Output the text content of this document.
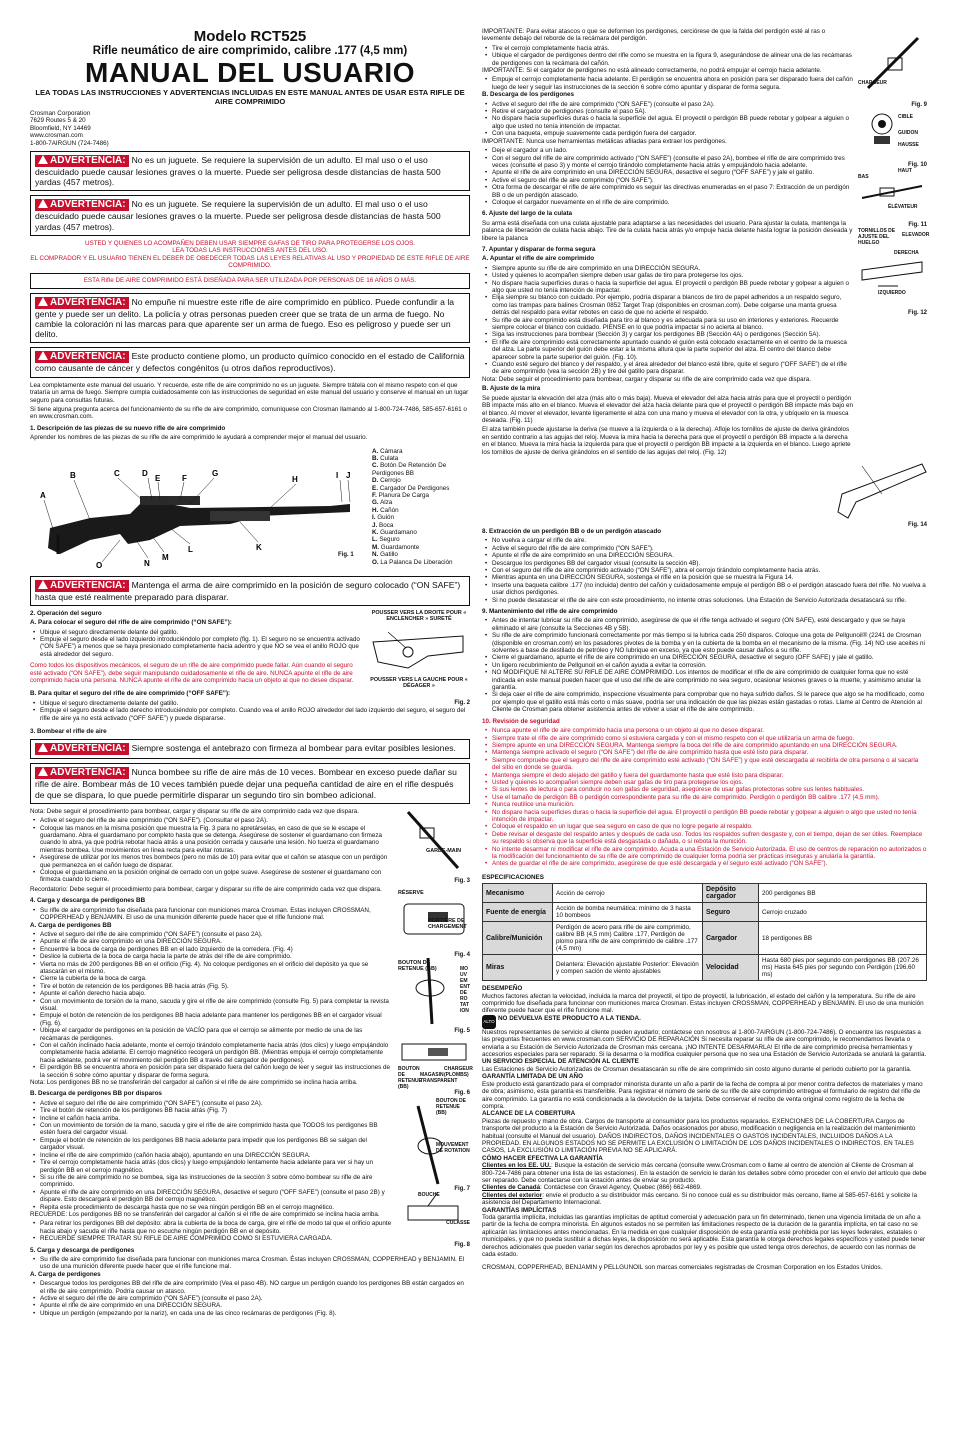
Modelo RCT525
Rifle neumático de aire comprimido, calibre .177 (4,5 mm)
MANUAL DEL USUARIO
LEA TODAS LAS INSTRUCCIONES Y ADVERTENCIAS INCLUIDAS EN ESTE MANUAL ANTES DE USAR ESTA RIFLE DE AIRE COMPRIMIDO
Crosman Corporation
7629 Routes 5 & 20
Bloomfield, NY 14469
www.crosman.com
1-800-7AIRGUN (724-7486)
ADVERTENCIA: No es un juguete. Se requiere la supervisión de un adulto. El mal uso o el uso descuidado puede causar lesiones graves o la muerte. Puede ser peligrosa desde distancias de hasta 500 yardas (457 metros).
ADVERTENCIA: No es un juguete. Se requiere la supervisión de un adulto. El mal uso o el uso descuidado puede causar lesiones graves o la muerte. Puede ser peligrosa desde distancias de hasta 500 yardas (457 metros).
USTED Y QUIENES LO ACOMPAÑEN DEBEN USAR SIEMPRE GAFAS DE TIRO PARA PROTEGERSE LOS OJOS.
LEA TODAS LAS INSTRUCCIONES ANTES DEL USO.
EL COMPRADOR Y EL USUARIO TIENEN EL DEBER DE OBEDECER TODAS LAS LEYES RELATIVAS AL USO Y PROPIEDAD DE ESTE RIFLE DE AIRE COMPRIMIDO.
ESTA Rifle DE AIRE COMPRIMIDO ESTÁ DISEÑADA PARA SER UTILIZADA POR PERSONAS DE 16 AÑOS O MÁS.
ADVERTENCIA: No empuñe ni muestre este rifle de aire comprimido en público. Puede confundir a la gente y puede ser un delito. La policía y otras personas pueden creer que se trata de un arma de fuego. No cambie la coloración ni las marcas para que aparente ser un arma de fuego. Eso es peligroso y puede ser un delito.
ADVERTENCIA: Este producto contiene plomo, un producto químico conocido en el estado de California como causante de cáncer y defectos congénitos (u otros daños reproductivos).

Lea completamente este manual del usuario. Y recuerde, este rifle de aire comprimido no es un juguete. Siempre trátela con el mismo respeto con el que trataría un arma de fuego. Siempre cumpla cuidadosamente con las instrucciones de seguridad en este manual del usuario y conserve el manual en un lugar seguro para consultas futuras.

Si tiene alguna pregunta acerca del funcionamiento de su rifle de aire comprimido, comuníquese con Crosman llamando al 1-800-724-7486, 585-657-6161 o en www.crosman.com.

1. Descripción de las piezas de su nuevo rifle de aire comprimido

Aprender los nombres de las piezas de su rifle de aire comprimido le ayudará a comprender mejor el manual del usuario.

A
B	C	D
E	F
G
H	I J
K
L
M
N
O
Fig. 1
A. Cámara
B. Culata
C. Botón De Retención De Perdigones BB
D. Cerrojo
E. Cargador De Perdigones
F. Planura De Carga
G. Alza
H. Cañón
I. Guión
J. Boca
K. Guardamano
L. Seguro
M. Guardamonte
N. Gatillo
O. La Palanca De Liberación
ADVERTENCIA: Mantenga el arma de aire comprimido en la posición de seguro colocado (“ON SAFE”) hasta que esté realmente preparado para disparar.

2. Operación del seguro

A. Para colocar el seguro del rifle de aire comprimido (“ON SAFE”):

• Ubique el seguro directamente delante del gatillo.
• Empuje el seguro desde el lado izquierdo introduciéndolo por completo (fig. 1). El seguro no se encuentra activado (“ON SAFE”) a menos que se haya presionado completamente hacia adentro y que NO se vea el anillo ROJO que está alrededor del seguro.

Como todos los dispositivos mecánicos, el seguro de un rifle de aire comprimido puede fallar. Aún cuando el seguro esté activado (“ON SAFE”), debe seguir manipulando cuidadosamente el rifle de aire. NUNCA apunte el rifle de aire comprimido hacia una persona. NUNCA apunte el rifle de aire comprimido hacia un objeto al que no desee disparar.

B. Para quitar el seguro del rifle de aire comprimido (“OFF SAFE”):

POUSSER VERS LA DROITE POUR « ENCLENCHER » SURETÉ
POUSSER VERS LA GAUCHE POUR « DÉGAGER »
Fig. 2
• Ubique el seguro directamente delante del gatillo.
• Empuje el seguro desde el lado derecho introduciéndolo por completo. Cuando vea el anillo ROJO alrededor del lado izquierdo del seguro, el seguro del rifle de aire ya no está activado (“OFF SAFE”) y puede dispararse.

3. Bombear el rifle de aire

ADVERTENCIA: Siempre sostenga el antebrazo con firmeza al bombear para evitar posibles lesiones.
ADVERTENCIA: Nunca bombee su rifle de aire más de 10 veces. Bombear en exceso puede dañar su rifle de aire. Bombear más de 10 veces también puede dejar una pequeña cantidad de aire en el rifle después de que se dispara, lo que puede permitirle disparar un segundo tiro sin bombeo adicional.

Nota: Debe seguir el procedimiento para bombear, cargar y disparar su rifle de aire comprimido cada vez que dispara.

• Active el seguro del rifle de aire comprimido (“ON SAFE”). (Consultar el paso 2A).
• Coloque las manos en la misma posición que muestra la Fig. 3 para no apretárselas, en caso de que se le escape el guardamano. Abra el guardamano por completo hasta que se detenga. Asegúrese de sostener el guardamano con firmeza cuando lo abra, ya que podría rebotar hacia atrás a una posición cerrada y causarle una lesión. No tuerza el guardamano mientras bombea. Use movimientos en línea recta para evitar roturas.
• Asegúrese de utilizar por los menos tres bombeos (pero no más de 10) para evitar que el cañón se atasque con un perdigón que permanezca en el cañón luego de disparar.
• Coloque el guardamano en la posición original de cerrado con un golpe suave. Asegúrese de sostener el guardamano con firmeza cuando lo cierre.

Recordatorio: Debe seguir el procedimiento para bombear, cargar y disparar su rifle de aire comprimido cada vez que dispara.

4. Carga y descarga de perdigones BB

• Su rifle de aire comprimido fue diseñada para funcionar con municiones marca Crosman. Estas incluyen CROSSMAN, COPPERHEAD y BENJAMIN. El uso de una munición diferente puede hacer que el rifle funcione mal.

A. Carga de perdigones BB

• Active el seguro del rifle de aire comprimido (“ON SAFE”) (consulte el paso 2A).
• Apunte el rifle de aire comprimido en una DIRECCIÓN SEGURA.
• Encuentre la boca de carga de perdigones BB en el lado izquierdo de la corredera. (Fig. 4)
• Deslice la cubierta de la boca de carga hacia la parte de atrás del rifle de aire comprimido.
• Vierta no más de 200 perdigones BB en el orificio (Fig. 4). No coloque perdigones en el orificio del depósito ya que se atascarán en el mismo.
• Cierre la cubierta de la boca de carga.
• Tire el botón de retención de los perdigones BB hacia atrás (Fig. 5).
• Apunte el cañón derecho hacia abajo.
• Con un movimiento de torsión de la mano, sacuda y gire el rifle de aire comprimido (consulte Fig. 5) para completar la revista visual.
• Empuje el botón de retención de los perdigones BB hacia adelante para mantener los perdigones BB en el cargador visual (Fig. 6).
• Ubique el cargador de perdigones en la posición de VACÍO para que el cerrojo se alimente por medio de una de las recámaras de perdigones.
• Con el cañón inclinado hacia adelante, monte el cerrojo tirándolo completamente hacia atrás (dos clics) y luego empujándolo completamente hacia adelante. El cerrojo magnético recogerá un perdigón BB. (Mientras empuja el cerrojo completamente hacia adelante, podrá ver el movimiento del perdigón BB a través del cargador de perdigones).
• El perdigón BB se encuentra ahora en posición para ser disparado fuera del cañón luego de leer y seguir las instrucciones de la sección 6 sobre cómo apuntar y disparar de forma segura.

Nota: Los perdigones BB no se transferirán del cargador al cañón si el rifle de aire comprimido se inclina hacia arriba.

B. Descarga de perdigones BB por disparos

• Active el seguro del rifle de aire comprimido (“ON SAFE”) (consulte el paso 2A).
• Tire el botón de retención de los perdigones BB hacia atrás (Fig. 7)
• Incline el cañón hacia arriba.
• Con un movimiento de torsión de la mano, sacuda y gire el rifle de aire comprimido hasta que TODOS los perdigones BB estén fuera del cargador visual.
• Empuje el botón de retención de los perdigones BB hacia adelante para impedir que los perdigones BB se salgan del cargador visual.
• Incline el rifle de aire comprimido (cañón hacia abajo), apuntando en una DIRECCIÓN SEGURA.
• Tire el cerrojo completamente hacia atrás (dos clics) y luego empujándolo lentamente hacia adelante para ver si hay un perdigón BB en el cerrojo magnético.
• Si su rifle de aire comprimido no se bombea, siga las instrucciones de la sección 3 sobre cómo bombear su rifle de aire comprimido.
• Apunte el rifle de aire comprimido en una DIRECCIÓN SEGURA, desactive el seguro (“OFF SAFE”) (consulte el paso 2B) y dispare. Esto descargará el perdigón BB del cerrojo magnético.
• Repita este procedimiento de descarga hasta que no se vea ningún perdigón BB en el cerrojo magnético.

RECUERDE: Los perdigones BB no se transferirán del cargador al cañón si el rifle de aire comprimido se inclina hacia arriba.

• Para retirar los perdigones BB del depósito: abra la cubierta de la boca de carga, gire el rifle de modo tal que el orificio apunte hacia abajo y sacuda el rifle hasta que no escuche ningún perdigón BB en el depósito.
• RECUERDE SIEMPRE TRATAR SU RIFLE DE AIRE COMPRIMIDO COMO SI ESTUVIERA CARGADA.
GARDE-MAIN
Fig. 3
RÉSERVE
PORTIÈRE DE CHARGEMENT
Fig. 4
BOUTON DE RETENUE (BB)	MOUVEMENT DE ROTATION
Fig. 5
BOUTON DE RETENUE (BB)
MAGASIN TRANSPARENT
CHARGEUR (PLOMBS)
Fig. 6
BOUTON DE RETENUE (BB)
MOUVEMENT DE ROTATION
Fig. 7
BOUCHE
CULASSE
Fig. 8

5. Carga y descarga de perdigones

• Su rifle de aire comprimido fue diseñada para funcionar con municiones marca Crosman. Éstas incluyen CROSSMAN, COPPERHEAD y BENJAMIN. El uso de una munición diferente puede hacer que el rifle funcione mal.

A. Carga de perdigones

• Descargue todos los perdigones BB del rifle de aire comprimido (Vea el paso 4B). NO cargue un perdigón cuando los perdigones BB están cargados en el rifle de aire comprimido. Podría causar un atasco.
• Active el seguro del rifle de aire comprimido (“ON SAFE”) (consulte el paso 2A).
• Apunte el rifle de aire comprimido en una DIRECCIÓN SEGURA.
• Ubique un perdigón (empezando por la nariz), en cada una de las cinco recámaras de perdigones (Fig. 8).

IMPORTANTE: Para evitar atascos o que se deformen los perdigones, cerciórese de que la falda del perdigón esté al ras o levemente debajo del reborde de la recámara del perdigón.

• Tire el cerrojo completamente hacia atrás.
• Ubique el cargador de perdigones dentro del rifle como se muestra en la figura 9, asegurándose de alinear una de las recámaras de perdigones con la recámara del cañón.

IMPORTANTE: Si el cargador de perdigones no está alineado correctamente, no podrá empujar el cerrojo hacia adelante.

• Empuje el cerrojo completamente hacia adelante. El perdigón se encuentra ahora en posición para ser disparado fuera del cañón luego de leer y seguir las instrucciones de la sección 6 sobre cómo apuntar y disparar de forma segura.

B. Descarga de los perdigones

• Active el seguro del rifle de aire comprimido (“ON SAFE”) (consulte el paso 2A).
• Retire el cargador de perdigones (consulte el paso 5A).
• No dispare hacia superficies duras o hacia la superficie del agua. El proyectil o perdigón BB puede rebotar y golpear a alguien o algo que usted no tenía intención de impactar.
• Con una baqueta, empuje suavemente cada perdigón fuera del cargador.

IMPORTANTE: Nunca use herramientas metálicas afiladas para extraer los perdigones.

• Deje el cargador a un lado.
• Con el seguro del rifle de aire comprimido activado (“ON SAFE”) (consulte el paso 2A), bombee el rifle de aire comprimido tres veces (consulte el paso 3) y monte el cerrojo tirándolo completamente hacia atrás y empujándolo hacia adelante.
• Apunte el rifle de aire comprimido en una DIRECCIÓN SEGURA, desactive el seguro (“OFF SAFE”) y jale el gatillo.
• Active el seguro del rifle de aire comprimido (“ON SAFE”).
• Otra forma de descargar el rifle de aire comprimido es seguir las directivas enumeradas en el paso 7: Extracción de un perdigón BB o de un perdigón atascado.
• Coloque el cargador nuevamente en el rifle de aire comprimido.

6. Ajuste del largo de la culata

Su arma está diseñada con una culata ajustable para adaptarse a las necesidades del usuario. Para ajustar la culata, mantenga la palanca de liberación de culata hacia abajo. Tire de la culata hacia atrás y/o empuje hacia delante hasta lograr la posición deseada y libere la palanca

7. Apuntar y disparar de forma segura

A. Apuntar el rifle de aire comprimido

• Siempre apunte su rifle de aire comprimido en una DIRECCIÓN SEGURA.
• Usted y quienes lo acompañen siempre deben usar gafas de tiro para protegerse los ojos.
• No dispare hacia superficies duras o hacia la superficie del agua. El proyectil o perdigón BB puede rebotar y golpear a alguien o algo que usted no tenía intención de impactar.
• Elija siempre su blanco con cuidado. Por ejemplo, podría disparar a blancos de tiro de papel adheridos a un respaldo seguro, como las trampas para balines Crosman 0852 Target Trap (disponibles en crosman.com). Debe colgarse una manta gruesa detrás del respaldo para evitar rebotes en caso de que no acierte el respaldo.
• Su rifle de aire comprimido está diseñada para tiro al blanco y es adecuada para su uso en interiores y exteriores. Recuerde siempre colocar el blanco con cuidado. PIENSE en lo que podría impactar si no acierta al blanco.
• Siga las instrucciones para bombear (Sección 3) y cargar los perdigones BB (Sección 4A) o perdigones (Sección 5A).
• El rifle de aire comprimido está correctamente apuntado cuando el guión está colocado exactamente en el centro de la muesca del alza. La parte superior del guión debe estar a la misma altura que la parte superior del alza. El centro del blanco debe aparecer sobre la parte superior del guión. (Fig. 10).
• Cuando esté seguro del blanco y del respaldo, y el área alrededor del blanco esté libre, quite el seguro (“OFF SAFE”) de el rifle de aire comprimido (vea la sección 2B) y tire del gatillo para disparar.

Nota: Debe seguir el procedimiento para bombear, cargar y disparar su rifle de aire comprimido cada vez que dispara.

B. Ajuste de la mira

Se puede ajustar la elevación del alza (más alto o más baja). Mueva el elevador del alza hacia atrás para que el proyectil o perdigón BB impacte más alto en el blanco. Mueva el elevador del alza hacia delante para que el proyectil o perdigón BB impacte más bajo en el blanco. Al mover el elevador, levante ligeramente el alza con una mano y mueva el elevador con la otra, y ubíquelo en la muesca deseada. (Fig. 11)

El alza también puede ajustarse la deriva (se mueve a la izquierda o a la derecha). Afloje los tornillos de ajuste de deriva girándolos en sentido contrario a las agujas del reloj. Mueva la mira hacia la derecha para que el proyectil o perdigón BB impacte a la derecha en el blanco. Mueva la mira hacia la izquierda para que el proyectil o perdigón BB impacte a la izquierda en el blanco. Luego apriete los tornillos de ajuste de deriva girándolos en el sentido de las agujas del reloj. (Fig. 12)

CHARGEUR
Fig. 9
CIBLE
GUIDON
HAUSSE
Fig. 10
BAS
HAUT
ÉLÉVATEUR
Fig. 11
TORNILLOS DE AJUSTE DEL HUELGO
ELEVADOR
DERECHA
IZQUIERDO
Fig. 12
Fig. 14

8. Extracción de un perdigón BB o de un perdigón atascado

• No vuelva a cargar el rifle de aire.
• Active el seguro del rifle de aire comprimido (“ON SAFE”).
• Apunte el rifle de aire comprimido en una DIRECCIÓN SEGURA.
• Descargue los perdigones BB del cargador visual (consulte la sección 4B).
• Con el seguro del rifle de aire comprimido activado (“ON SAFE”), abra el cerrojo tirándolo completamente hacia atrás.
• Mientras apunta en una DIRECCIÓN SEGURA, sostenga el rifle en la posición que se muestra la Figura 14.
• Inserte una baqueta calibre .177 (no incluida) dentro del cañón y cuidadosamente empuje el perdigón BB o el perdigón atascado fuera del rifle. No vuelva a usar dichos perdigones.
• Si no puede desatascar el rifle de aire con este procedimiento, no intente otras soluciones. Una Estación de Servicio Autorizada desatascará su rifle.

9. Mantenimiento del rifle de aire comprimido

• Antes de intentar lubricar su rifle de aire comprimido, asegúrese de que el rifle tenga activado el seguro (ON SAFE), esté descargado y que se haya eliminado el aire (consulte la Secciones 4B y 5B).
• Su rifle de aire comprimido funcionará correctamente por más tiempo si la lubrica cada 250 disparos. Coloque una gota de Pellgunoil® (2241 de Crosman (disponible en crosman.com) en los pasadores pivotes de la bomba y en la cubierta de la bomba en el mecanismo de la misma. (Fig. 14) NO use aceites ni solventes a base de destilado de petróleo y NO lubrique en exceso, ya que esto puede causar daños a su rifle.
• Cierre el guardamano, apunte el rifle de aire comprimido en una DIRECCIÓN SEGURA, desactive el seguro (OFF SAFE) y jale el gatillo.
• Un ligero recubrimiento de Pellgunoil en el cañón ayuda a evitar la corrosión.
• NO MODIFIQUE NI ALTERE SU RIFLE DE AIRE COMPRIMIDO. Los intentos de modificar el rifle de aire comprimido de cualquier forma que no esté indicada en este manual pueden hacer que el uso del rifle de aire comprimido no sea seguro, ocasionar lesiones graves o la muerte, y asimismo anular la garantía.
• Si deja caer el rifle de aire comprimido, inspeccione visualmente para comprobar que no haya sufrido daños. Si le parece que algo se ha modificado, como por ejemplo que el gatillo está más corto o más suave, podría ser una indicación de que las piezas están gastadas o rotas. Llame al Centro de Atención al Cliente de Crosman para obtener asistencia antes de volver a usar el rifle de aire comprimido.

10. Revisión de seguridad

• Nunca apunte el rifle de aire comprimido hacia una persona o un objeto al que no desee disparar.
• Siempre trate el rifle de aire comprimido como si estuviera cargada y con el mismo respeto con el que utilizaría un arma de fuego.
• Siempre apunte en una DIRECCIÓN SEGURA. Mantenga siempre la boca del rifle de aire comprimido apuntando en una DIRECCIÓN SEGURA.
• Mantenga siempre activado el seguro (“ON SAFE”) del rifle de aire comprimido hasta que esté listo para disparar.
• Siempre compruebe que el seguro del rifle de aire comprimido esté activado (“ON SAFE”) y que esté descargada al recibirla de otra persona o al sacarla del sitio en donde se guarda.
• Mantenga siempre el dedo alejado del gatillo y fuera del guardamonte hasta que esté listo para disparar.
• Usted y quienes lo acompañen siempre deben usar gafas de tiro para protegerse los ojos.
• Si sus lentes de lectura o para conducir no son gafas de seguridad, asegúrese de usar gafas protectoras sobre sus lentes habituales.
• Use el tamaño de perdigón BB o perdigón correspondiente para su rifle de aire comprimido. Perdigón o perdigón BB calibre .177 (4,5 mm).
• Nunca reutilice una munición.
• No dispare hacia superficies duras o hacia la superficie del agua. El proyectil o perdigón BB puede rebotar y golpear a alguien o algo que usted no tenía intención de impactar.
• Coloque el respaldo en un lugar que sea seguro en caso de que no logre pegarle al respaldo.
• Debe revisar el desgaste del respaldo antes y después de cada uso. Todos los respaldos sufren desgaste y, con el tiempo, dejan de ser útiles. Reemplace su respaldo si observa que la superficie está desgastada o dañada, o si rebota la munición.
• No intente desarmar ni modificar el rifle de aire comprimido. Acuda a una Estación de Servicio Autorizada. El uso de centros de reparación no autorizados o la modificación del funcionamiento de su rifle de aire comprimido de cualquier forma podría ser prácticas inseguras y anularía la garantía.
• Antes de guardar el rifle de aire comprimido, asegúrese de que esté descargada y el seguro esté activado (“ON SAFE”).

ESPECIFICACIONES

Mecanismo	Acción de cerrojo	Depósito cargador	200 perdigones BB
Fuente de energía	Acción de bomba neumática: mínimo de 3 hasta 10 bombeos	Seguro	Cerrojo cruzado
Calibre/Munición	Perdigón de acero para rifle de aire comprimido, calibre BB (4,5 mm) Calibre .177, Perdigón de plomo para rifle de aire comprimido de calibre .177 (4,5 mm)	Cargador	18 perdigones BB
Miras	Delantera: Elevación ajustable Posterior: Elevación y compen sación de viento ajustables	Velocidad	Hasta 680 pies por segundo con perdigones BB (207.26 ms) Hasta 645 pies por segundo con Perdigón (196.60 ms)

DESEMPEÑO

Muchos factores afectan la velocidad, incluida la marca del proyectil, el tipo de proyectil, la lubricación, el estado del cañón y la temperatura. Su rifle de aire comprimido fue diseñada para funcionar con municiones marca Crosman. Estas incluyen CROSSMAN, COPPERHEAD y BENJAMIN. El uso de una munición diferente puede hacer que el rifle funcione mal.

ALTO NO DEVUELVA ESTE PRODUCTO A LA TIENDA.

Nuestros representantes de servicio al cliente pueden ayudarlo; contáctese con nosotros al 1-800-7AIRGUN (1-800-724-7486). O encuentre las respuestas a las preguntas frecuentes en www.crosman.com SERVICIO DE REPARACIÓN Si necesita reparar su rifle de aire comprimido, le recomendamos llevarla o enviarla a su Estación de Servicio Autorizada de Crosman más cercana. ¡NO INTENTE DESARMARLA! El rifle de aire comprimido precisa herramientas y accesorios especiales para ser reparado. Si la desarma o la modifica cualquier persona que no sea una Estación de Servicio Autorizada se anulará la garantía.

UN SERVICIO ESPECIAL DE ATENCIÓN AL CLIENTE

Las Estaciones de Servicio Autorizadas de Crosman desatascarán su rifle de aire comprimido sin costo alguno durante el periodo cubierto por la garantía.

GARANTÍA LIMITADA DE UN AÑO

Este producto está garantizado para el comprador minorista durante un año a partir de la fecha de compra al por menor contra defectos de materiales y mano de obra; asimismo, esta garantía es transferible. Para registrar el número de serie de su rifle de aire comprimido entregue el formulario de registro del rifle de aire comprimido. La garantía no está condicionada a la devolución de la tarjeta. Debe conservar el recibo de venta original como registro de la fecha de compra.

ALCANCE DE LA COBERTURA

Piezas de repuesto y mano de obra. Cargos de transporte al consumidor para los productos reparados. EXENCIONES DE LA COBERTURA Cargos de transporte del producto a la Estación de Servicio Autorizada. Daños ocasionados por abuso, modificación o negligencia en la realización del mantenimiento habitual (consulte el Manual del usuario). DAÑOS INDIRECTOS, DAÑOS INCIDENTALES O GASTOS INCIDENTALES, INCLUIDOS DAÑOS A LA PROPIEDAD. EN ALGUNOS ESTADOS NO SE PERMITE LA EXCLUSIÓN O LIMITACIÓN DE LOS DAÑOS INCIDENTALES O INDIRECTOS. EN TALES CASOS, LA EXCLUSIÓN O LIMITACIÓN PREVIA NO SE APLICARÁ.

CÓMO HACER EFECTIVA LA GARANTÍA

Clientes en los EE. UU.: Busque la estación de servicio más cercana (consulte www.Crosman.com o llame al centro de atención al Cliente de Crosman al 800-724-7486 para obtener una lista de las estaciones). En la estación de servicio le darán los detalles sobre cómo proceder con el envío del artículo que debe ser reparado. Debe contactarse con la estación antes de enviar su producto.

Clientes de Canadá: Contáctese con Gravel Agency, Quebec (866) 662-4869.

Clientes del exterior: envíe el producto a su distribuidor más cercano. Si no conoce cuál es su distribuidor más cercano, llame al 585-657-6161 y solicite la asistencia del Departamento Internacional.

GARANTÍAS IMPLÍCITAS

Toda garantía implícita, incluidas las garantías implícitas de aptitud comercial y adecuación para un fin determinado, tienen una vigencia limitada de un año a partir de la fecha de compra minorista. En algunos estados no se permiten las limitaciones respecto de la duración de la garantía implícita, en tal caso no se aplicarán las limitaciones antes mencionadas. En la medida en que cualquier disposición de esta garantía esté prohibida por las leyes federales, estatales o municipales, y que no pueda sustituir a dichas leyes, la disposición no será aplicable. Esta garantía le otorga derechos legales específicos y usted puede tener derechos adicionales que pueden variar según los derechos aprobados por ley y es posible que usted tenga otros derechos, de acuerdo con las normas de cada estado.

CROSMAN, COPPERHEAD, BENJAMIN y PELLGUNOIL son marcas comerciales registradas de Crosman Corporation en los Estados Unidos.
